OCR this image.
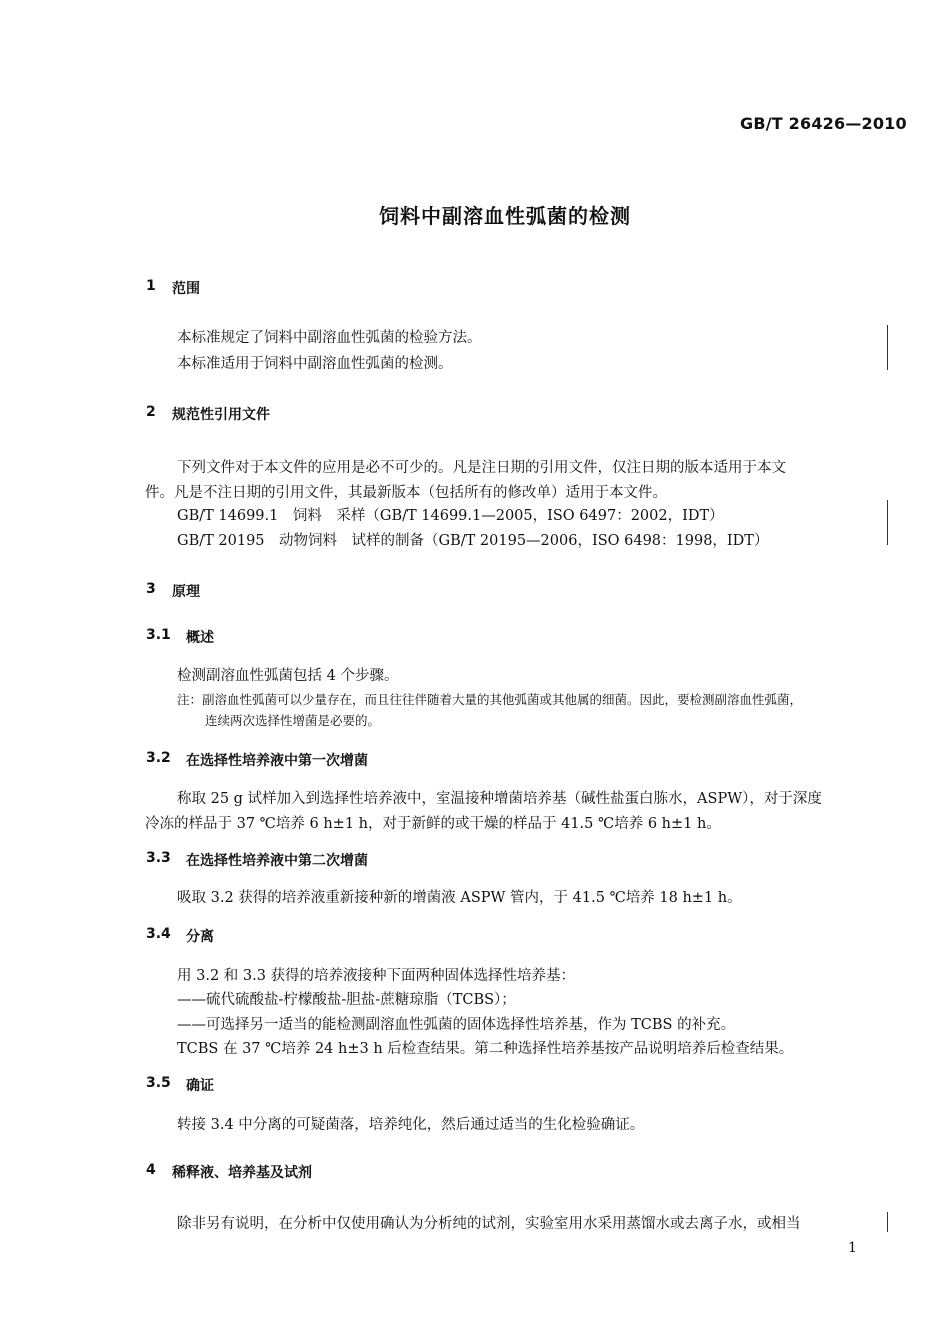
GB/T 26426—2010
饲料中副溶血性弧菌的检测
1 范围
本标准规定了饲料中副溶血性弧菌的检验方法。
本标准适用于饲料中副溶血性弧菌的检测。
2 规范性引用文件
下列文件对于本文件的应用是必不可少的。凡是注日期的引用文件，仅注日期的版本适用于本文
件。凡是不注日期的引用文件，其最新版本（包括所有的修改单）适用于本文件。
GB/T 14699.1　饲料　采样（GB/T 14699.1—2005，ISO 6497：2002，IDT）
GB/T 20195　动物饲料　试样的制备（GB/T 20195—2006，ISO 6498：1998，IDT）
3 原理
3.1 概述
检测副溶血性弧菌包括 4 个步骤。
注：副溶血性弧菌可以少量存在，而且往往伴随着大量的其他弧菌或其他属的细菌。因此，要检测副溶血性弧菌，
连续两次选择性增菌是必要的。
3.2 在选择性培养液中第一次增菌
称取 25 g 试样加入到选择性培养液中，室温接种增菌培养基（碱性盐蛋白胨水，ASPW），对于深度
冷冻的样品于 37 ℃培养 6 h±1 h，对于新鲜的或干燥的样品于 41.5 ℃培养 6 h±1 h。
3.3 在选择性培养液中第二次增菌
吸取 3.2 获得的培养液重新接种新的增菌液 ASPW 管内，于 41.5 ℃培养 18 h±1 h。
3.4 分离
用 3.2 和 3.3 获得的培养液接种下面两种固体选择性培养基：
——硫代硫酸盐-柠檬酸盐-胆盐-蔗糖琼脂（TCBS）；
——可选择另一适当的能检测副溶血性弧菌的固体选择性培养基，作为 TCBS 的补充。
TCBS 在 37 ℃培养 24 h±3 h 后检查结果。第二种选择性培养基按产品说明培养后检查结果。
3.5 确证
转接 3.4 中分离的可疑菌落，培养纯化，然后通过适当的生化检验确证。
4 稀释液、培养基及试剂
除非另有说明，在分析中仅使用确认为分析纯的试剂，实验室用水采用蒸馏水或去离子水，或相当
1
